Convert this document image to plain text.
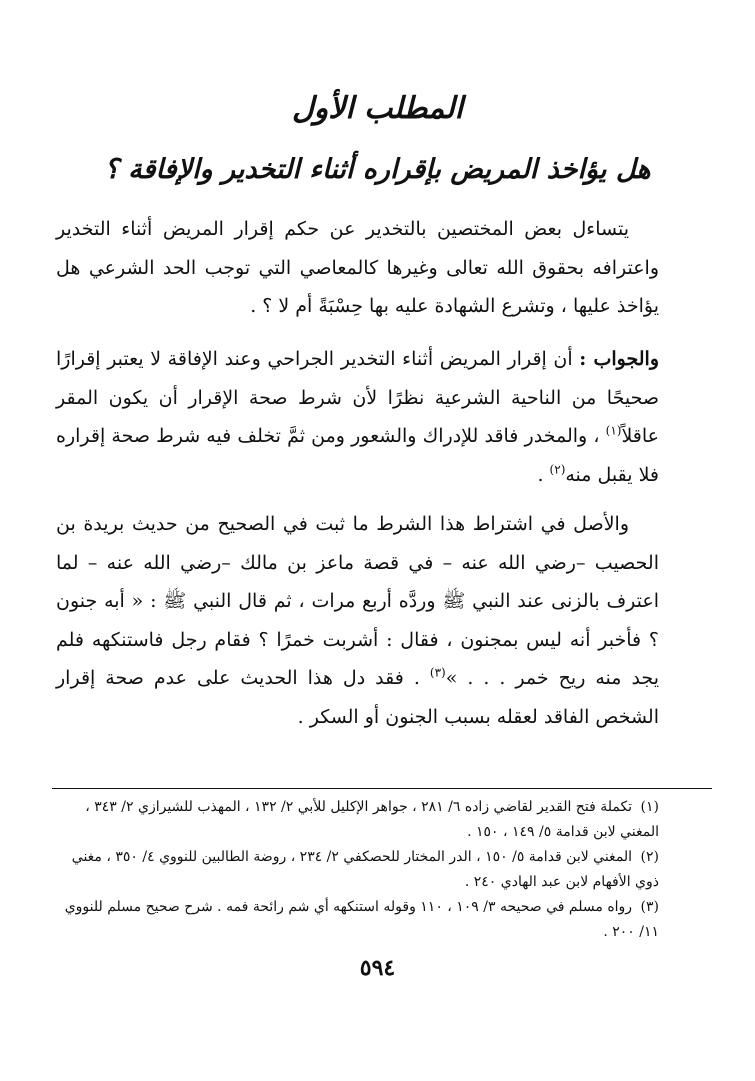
المطلب الأول
هل يؤاخذ المريض بإقراره أثناء التخدير والإفاقة ؟

يتساءل بعض المختصين بالتخدير عن حكم إقرار المريض أثناء التخدير واعترافه بحقوق الله تعالى وغيرها كالمعاصي التي توجب الحد الشرعي هل يؤاخذ عليها ، وتشرع الشهادة عليه بها حِسْبَةً أم لا ؟ .

والجواب : أن إقرار المريض أثناء التخدير الجراحي وعند الإفاقة لا يعتبر إقرارًا صحيحًا من الناحية الشرعية نظرًا لأن شرط صحة الإقرار أن يكون المقر عاقلاً$^{(١)}$ ، والمخدر فاقد للإدراك والشعور ومن ثمَّ تخلف فيه شرط صحة إقراره فلا يقبل منه$^{(٢)}$ .

والأصل في اشتراط هذا الشرط ما ثبت في الصحيح من حديث بريدة بن الحصيب –رضي الله عنه – في قصة ماعز بن مالك –رضي الله عنه – لما اعترف بالزنى عند النبي ﷺ وردَّه أربع مرات ، ثم قال النبي ﷺ : « أبه جنون ؟ فأخبر أنه ليس بمجنون ، فقال : أشربت خمرًا ؟ فقام رجل فاستنكهه فلم يجد منه ريح خمر . . . »$^{(٣)}$ . فقد دل هذا الحديث على عدم صحة إقرار الشخص الفاقد لعقله بسبب الجنون أو السكر .

(١) تكملة فتح القدير لقاضي زاده ٦/ ٢٨١ ، جواهر الإكليل للأبي ٢/ ١٣٢ ، المهذب للشيرازي ٢/ ٣٤٣ ، المغني لابن قدامة ٥/ ١٤٩ ، ١٥٠ .
(٢) المغني لابن قدامة ٥/ ١٥٠ ، الدر المختار للحصكفي ٢/ ٢٣٤ ، روضة الطالبين للنووي ٤/ ٣٥٠ ، مغني ذوي الأفهام لابن عبد الهادي ٢٤٠ .
(٣) رواه مسلم في صحيحه ٣/ ١٠٩ ، ١١٠ وقوله استنكهه أي شم رائحة فمه . شرح صحيح مسلم للنووي ١١/ ٢٠٠ .
٥٩٤
